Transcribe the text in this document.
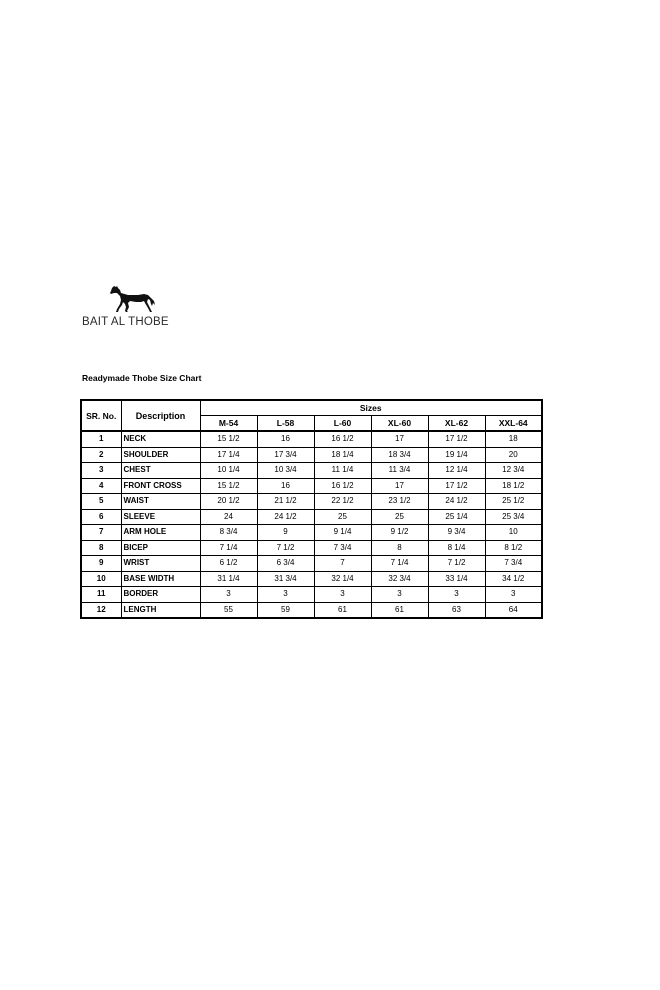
BAIT AL THOBE
Readymade Thobe Size Chart
SR. No.	Description	Sizes					
		M-54	L-58	L-60	XL-60	XL-62	XXL-64
1	NECK	15 1/2	16	16 1/2	17	17 1/2	18
2	SHOULDER	17 1/4	17 3/4	18 1/4	18 3/4	19 1/4	20
3	CHEST	10 1/4	10 3/4	11 1/4	11 3/4	12 1/4	12 3/4
4	FRONT CROSS	15 1/2	16	16 1/2	17	17 1/2	18 1/2
5	WAIST	20 1/2	21 1/2	22 1/2	23 1/2	24 1/2	25 1/2
6	SLEEVE	24	24 1/2	25	25	25 1/4	25 3/4
7	ARM HOLE	8 3/4	9	9 1/4	9 1/2	9 3/4	10
8	BICEP	7 1/4	7 1/2	7 3/4	8	8 1/4	8 1/2
9	WRIST	6 1/2	6 3/4	7	7 1/4	7 1/2	7 3/4
10	BASE WIDTH	31 1/4	31 3/4	32 1/4	32 3/4	33 1/4	34 1/2
11	BORDER	3	3	3	3	3	3
12	LENGTH	55	59	61	61	63	64
